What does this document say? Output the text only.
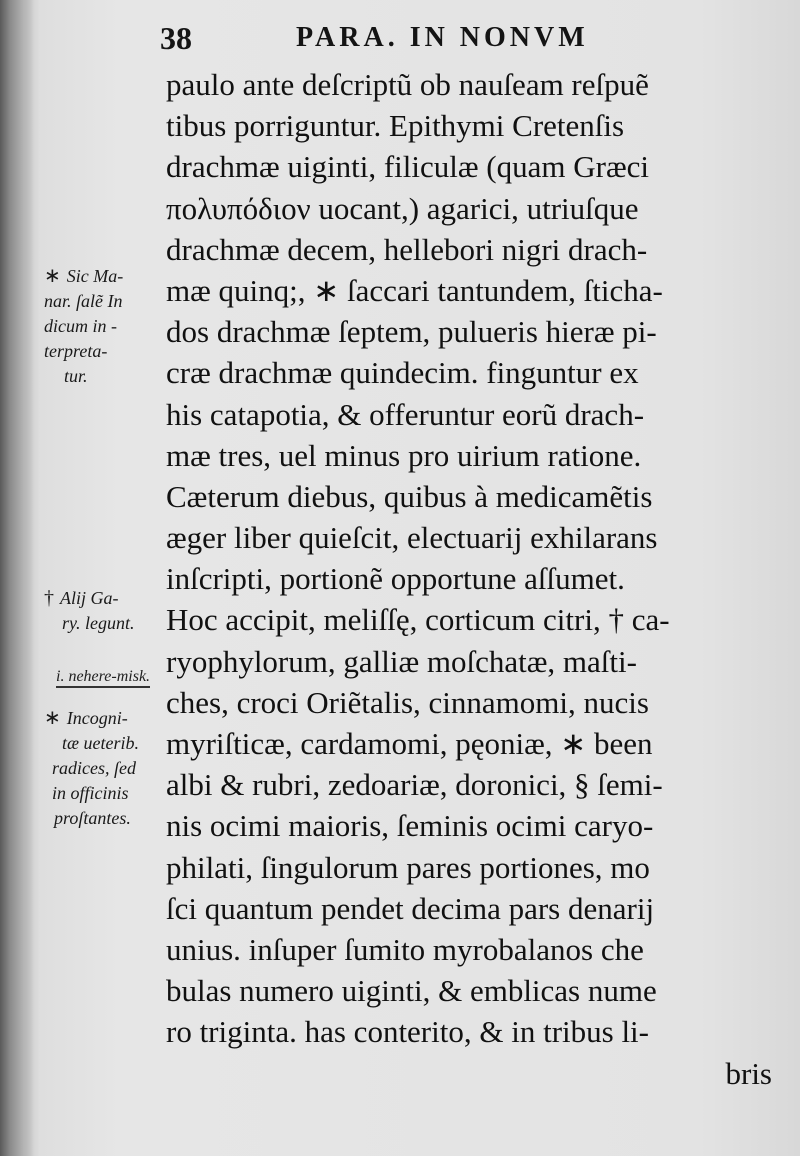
38	PARA. IN NONVM
paulo ante deſcriptũ ob nauſeam reſpuẽ
tibus porriguntur. Epithymi Cretenſis
drachmæ uiginti, filiculæ (quam Græci
πολυπόδιον uocant,) agarici, utriuſque
drachmæ decem, hellebori nigri drach-
mæ quinq;, ∗ ſaccari tantundem, ſticha-
dos drachmæ ſeptem, pulueris hieræ pi-
cræ drachmæ quindecim. finguntur ex
his catapotia, & offeruntur eorũ drach-
mæ tres, uel minus pro uirium ratione.
Cæterum diebus, quibus à medicamẽtis
æger liber quieſcit, electuarij exhilarans
inſcripti, portionẽ opportune aſſumet.
Hoc accipit, meliſſę, corticum citri, † ca-
ryophylorum, galliæ moſchatæ, maſti-
ches, croci Oriẽtalis, cinnamomi, nucis
myriſticæ, cardamomi, pęoniæ, ∗ been
albi & rubri, zedoariæ, doronici, § ſemi-
nis ocimi maioris, ſeminis ocimi caryo-
philati, ſingulorum pares portiones, mo
ſci quantum pendet decima pars denarij
unius. inſuper ſumito myrobalanos che
bulas numero uiginti, & emblicas nume
ro triginta. has conterito, & in tribus li-
bris
∗ Sic Ma-
nar. ſalẽ In
dicum in -
terpreta-
tur.
† Alij Ga-
ry. legunt.
∗ Incogni-
tæ ueterib.
radices, ſed
in officinis
proſtantes.
i. nehere-misk.
